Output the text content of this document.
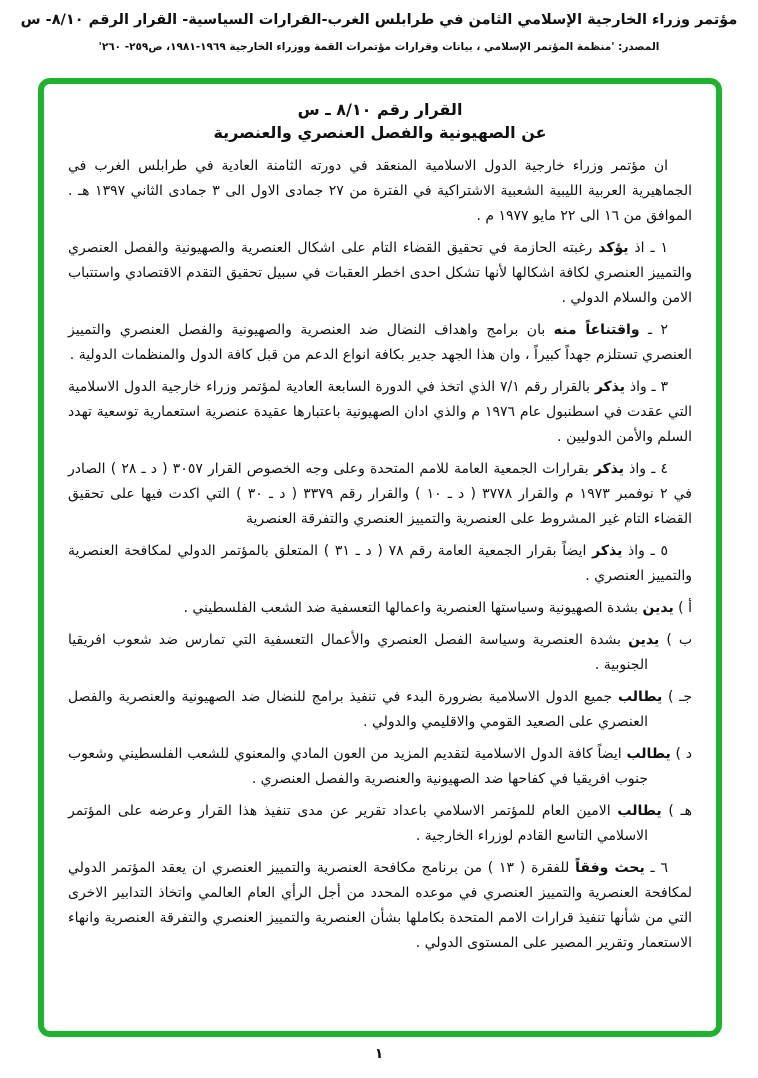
مؤتمر وزراء الخارجية الإسلامي الثامن في طرابلس الغرب-القرارات السياسية- القرار الرقم ٨/١٠- س
المصدر: 'منظمة المؤتمر الإسلامي ، بيانات وقرارات مؤتمرات القمة ووزراء الخارجية ١٩٦٩-١٩٨١، ص٢٥٩- ٢٦٠'
القرار رقم ٨/١٠ ـ س
عن الصهيونية والفصل العنصري والعنصرية
ان مؤتمر وزراء خارجية الدول الاسلامية المنعقد في دورته الثامنة العادية في طرابلس الغرب في الجماهيرية العربية الليبية الشعبية الاشتراكية في الفترة من ٢٧ جمادى الاول الى ٣ جمادى الثاني ١٣٩٧ هـ . الموافق من ١٦ الى ٢٢ مايو ١٩٧٧ م .
١ ـ اذ يؤكد رغبته الحازمة في تحقيق القضاء التام على اشكال العنصرية والصهيونية والفصل العنصري والتمييز العنصري لكافة اشكالها لأنها تشكل احدى اخطر العقبات في سبيل تحقيق التقدم الاقتصادي واستتباب الامن والسلام الدولي .
٢ ـ واقتناعاً منه بان برامج واهداف النضال ضد العنصرية والصهيونية والفصل العنصري والتمييز العنصري تستلزم جهداً كبيراً ، وان هذا الجهد جدير بكافة انواع الدعم من قبل كافة الدول والمنظمات الدولية .
٣ ـ واذ يذكر بالقرار رقم ٧/١ الذي اتخذ في الدورة السابعة العادية لمؤتمر وزراء خارجية الدول الاسلامية التي عقدت في اسطنبول عام ١٩٧٦ م والذي ادان الصهيونية باعتبارها عقيدة عنصرية استعمارية توسعية تهدد السلم والأمن الدوليين .
٤ ـ واذ يذكر بقرارات الجمعية العامة للامم المتحدة وعلى وجه الخصوص القرار ٣٠٥٧ ( د ـ ٢٨ ) الصادر في ٢ نوفمبر ١٩٧٣ م والقرار ٣٧٧٨ ( د ـ ١٠ ) والقرار رقم ٣٣٧٩ ( د ـ ٣٠ ) التي اكدت فيها على تحقيق القضاء التام غير المشروط على العنصرية والتمييز العنصري والتفرقة العنصرية
٥ ـ واذ يذكر ايضاً بقرار الجمعية العامة رقم ٧٨ ( د ـ ٣١ ) المتعلق بالمؤتمر الدولي لمكافحة العنصرية والتمييز العنصري .
أ ) يدين بشدة الصهيونية وسياستها العنصرية واعمالها التعسفية ضد الشعب الفلسطيني .
ب ) يدين بشدة العنصرية وسياسة الفصل العنصري والأعمال التعسفية التي تمارس ضد شعوب افريقيا الجنوبية .
جـ ) يطالب جميع الدول الاسلامية بضرورة البدء في تنفيذ برامج للنضال ضد الصهيونية والعنصرية والفصل العنصري على الصعيد القومي والاقليمي والدولي .
د ) يطالب ايضاً كافة الدول الاسلامية لتقديم المزيد من العون المادي والمعنوي للشعب الفلسطيني وشعوب جنوب افريقيا في كفاحها ضد الصهيونية والعنصرية والفصل العنصري .
هـ ) يطالب الامين العام للمؤتمر الاسلامي باعداد تقرير عن مدى تنفيذ هذا القرار وعرضه على المؤتمر الاسلامي التاسع القادم لوزراء الخارجية .
٦ ـ يحث وفقاً للفقرة ( ١٣ ) من برنامج مكافحة العنصرية والتمييز العنصري ان يعقد المؤتمر الدولي لمكافحة العنصرية والتمييز العنصري في موعده المحدد من أجل الرأي العام العالمي واتخاذ التدابير الاخرى التي من شأنها تنفيذ قرارات الامم المتحدة بكاملها بشأن العنصرية والتمييز العنصري والتفرقة العنصرية وانهاء الاستعمار وتقرير المصير على المستوى الدولي .
١
